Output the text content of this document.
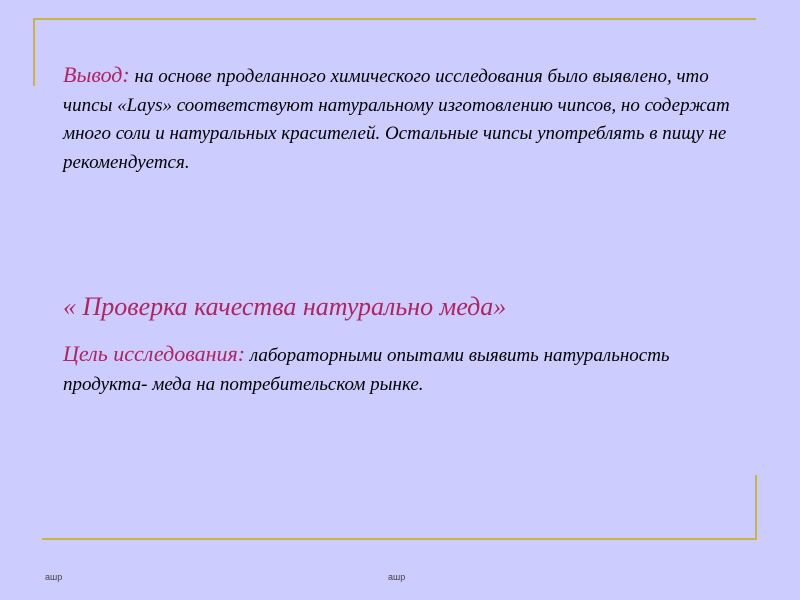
Вывод: на основе проделанного химического исследования было выявлено, что чипсы «Lays» соответствуют натуральному изготовлению чипсов, но содержат много соли и натуральных красителей. Остальные чипсы употреблять в пищу не рекомендуется.

« Проверка качества натурально меда»

Цель исследования: лабораторными опытами выявить натуральность продукта- меда на потребительском рынке.

aшр	aшр
